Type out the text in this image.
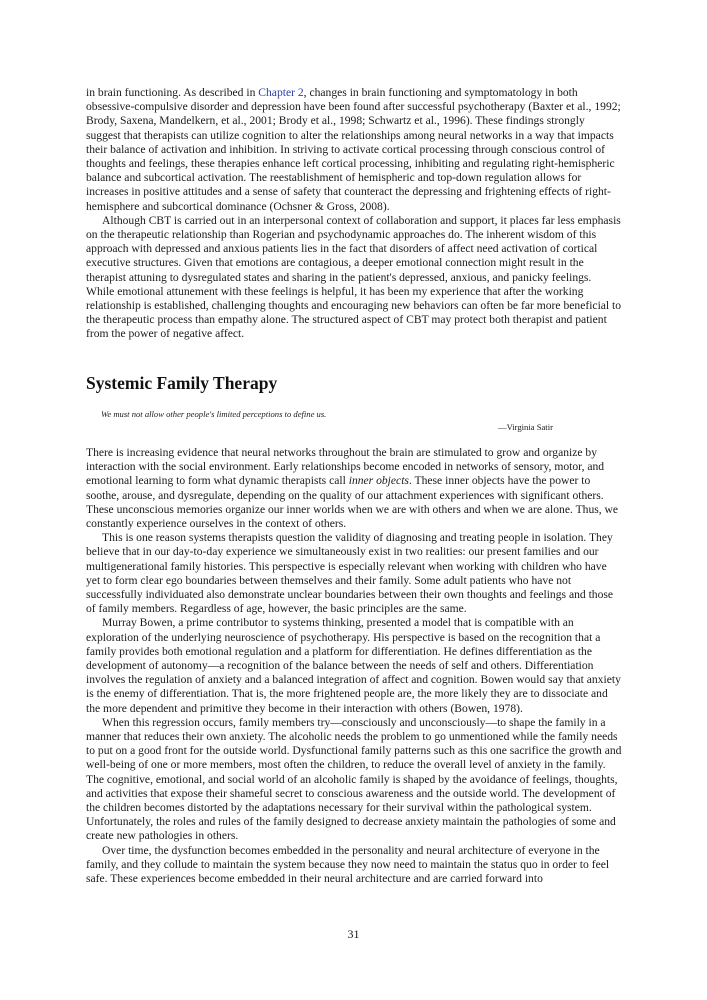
in brain functioning. As described in Chapter 2, changes in brain functioning and symptomatology in both obsessive-compulsive disorder and depression have been found after successful psychotherapy (Baxter et al., 1992; Brody, Saxena, Mandelkern, et al., 2001; Brody et al., 1998; Schwartz et al., 1996). These findings strongly suggest that therapists can utilize cognition to alter the relationships among neural networks in a way that impacts their balance of activation and inhibition. In striving to activate cortical processing through conscious control of thoughts and feelings, these therapies enhance left cortical processing, inhibiting and regulating right-hemispheric balance and subcortical activation. The reestablishment of hemispheric and top-down regulation allows for increases in positive attitudes and a sense of safety that counteract the depressing and frightening effects of right-hemisphere and subcortical dominance (Ochsner & Gross, 2008).

Although CBT is carried out in an interpersonal context of collaboration and support, it places far less emphasis on the therapeutic relationship than Rogerian and psychodynamic approaches do. The inherent wisdom of this approach with depressed and anxious patients lies in the fact that disorders of affect need activation of cortical executive structures. Given that emotions are contagious, a deeper emotional connection might result in the therapist attuning to dysregulated states and sharing in the patient's depressed, anxious, and panicky feelings. While emotional attunement with these feelings is helpful, it has been my experience that after the working relationship is established, challenging thoughts and encouraging new behaviors can often be far more beneficial to the therapeutic process than empathy alone. The structured aspect of CBT may protect both therapist and patient from the power of negative affect.

Systemic Family Therapy

We must not allow other people's limited perceptions to define us.

—Virginia Satir

There is increasing evidence that neural networks throughout the brain are stimulated to grow and organize by interaction with the social environment. Early relationships become encoded in networks of sensory, motor, and emotional learning to form what dynamic therapists call inner objects. These inner objects have the power to soothe, arouse, and dysregulate, depending on the quality of our attachment experiences with significant others. These unconscious memories organize our inner worlds when we are with others and when we are alone. Thus, we constantly experience ourselves in the context of others.

This is one reason systems therapists question the validity of diagnosing and treating people in isolation. They believe that in our day-to-day experience we simultaneously exist in two realities: our present families and our multigenerational family histories. This perspective is especially relevant when working with children who have yet to form clear ego boundaries between themselves and their family. Some adult patients who have not successfully individuated also demonstrate unclear boundaries between their own thoughts and feelings and those of family members. Regardless of age, however, the basic principles are the same.

Murray Bowen, a prime contributor to systems thinking, presented a model that is compatible with an exploration of the underlying neuroscience of psychotherapy. His perspective is based on the recognition that a family provides both emotional regulation and a platform for differentiation. He defines differentiation as the development of autonomy—a recognition of the balance between the needs of self and others. Differentiation involves the regulation of anxiety and a balanced integration of affect and cognition. Bowen would say that anxiety is the enemy of differentiation. That is, the more frightened people are, the more likely they are to dissociate and the more dependent and primitive they become in their interaction with others (Bowen, 1978).

When this regression occurs, family members try—consciously and unconsciously—to shape the family in a manner that reduces their own anxiety. The alcoholic needs the problem to go unmentioned while the family needs to put on a good front for the outside world. Dysfunctional family patterns such as this one sacrifice the growth and well-being of one or more members, most often the children, to reduce the overall level of anxiety in the family. The cognitive, emotional, and social world of an alcoholic family is shaped by the avoidance of feelings, thoughts, and activities that expose their shameful secret to conscious awareness and the outside world. The development of the children becomes distorted by the adaptations necessary for their survival within the pathological system. Unfortunately, the roles and rules of the family designed to decrease anxiety maintain the pathologies of some and create new pathologies in others.

Over time, the dysfunction becomes embedded in the personality and neural architecture of everyone in the family, and they collude to maintain the system because they now need to maintain the status quo in order to feel safe. These experiences become embedded in their neural architecture and are carried forward into

31
